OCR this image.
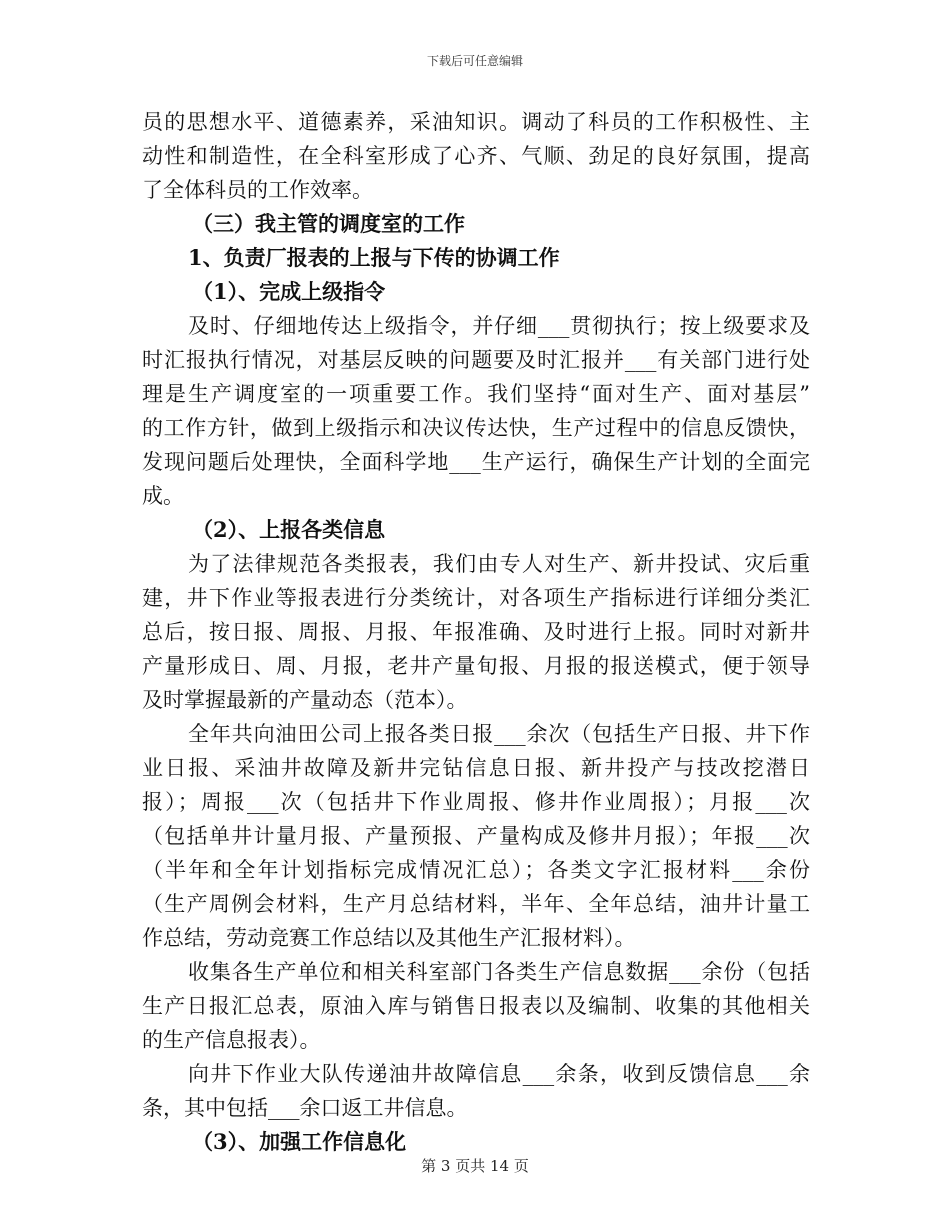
下载后可任意编辑
员的思想水平、道德素养，采油知识。调动了科员的工作积极性、主
动性和制造性，在全科室形成了心齐、气顺、劲足的良好氛围，提高
了全体科员的工作效率。
（三）我主管的调度室的工作
1、负责厂报表的上报与下传的协调工作
（1）、完成上级指令
及时、仔细地传达上级指令，并仔细___贯彻执行；按上级要求及
时汇报执行情况，对基层反映的问题要及时汇报并___有关部门进行处
理是生产调度室的一项重要工作。我们坚持“面对生产、面对基层”
的工作方针，做到上级指示和决议传达快，生产过程中的信息反馈快，
发现问题后处理快，全面科学地___生产运行，确保生产计划的全面完
成。
（2）、上报各类信息
为了法律规范各类报表，我们由专人对生产、新井投试、灾后重
建，井下作业等报表进行分类统计，对各项生产指标进行详细分类汇
总后，按日报、周报、月报、年报准确、及时进行上报。同时对新井
产量形成日、周、月报，老井产量旬报、月报的报送模式，便于领导
及时掌握最新的产量动态（范本）。
全年共向油田公司上报各类日报___余次（包括生产日报、井下作
业日报、采油井故障及新井完钻信息日报、新井投产与技改挖潜日
报）；周报___次（包括井下作业周报、修井作业周报）；月报___次
（包括单井计量月报、产量预报、产量构成及修井月报）；年报___次
（半年和全年计划指标完成情况汇总）；各类文字汇报材料___余份
（生产周例会材料，生产月总结材料，半年、全年总结，油井计量工
作总结，劳动竞赛工作总结以及其他生产汇报材料）。
收集各生产单位和相关科室部门各类生产信息数据___余份（包括
生产日报汇总表，原油入库与销售日报表以及编制、收集的其他相关
的生产信息报表）。
向井下作业大队传递油井故障信息___余条，收到反馈信息___余
条，其中包括___余口返工井信息。
（3）、加强工作信息化
第 3 页共 14 页
